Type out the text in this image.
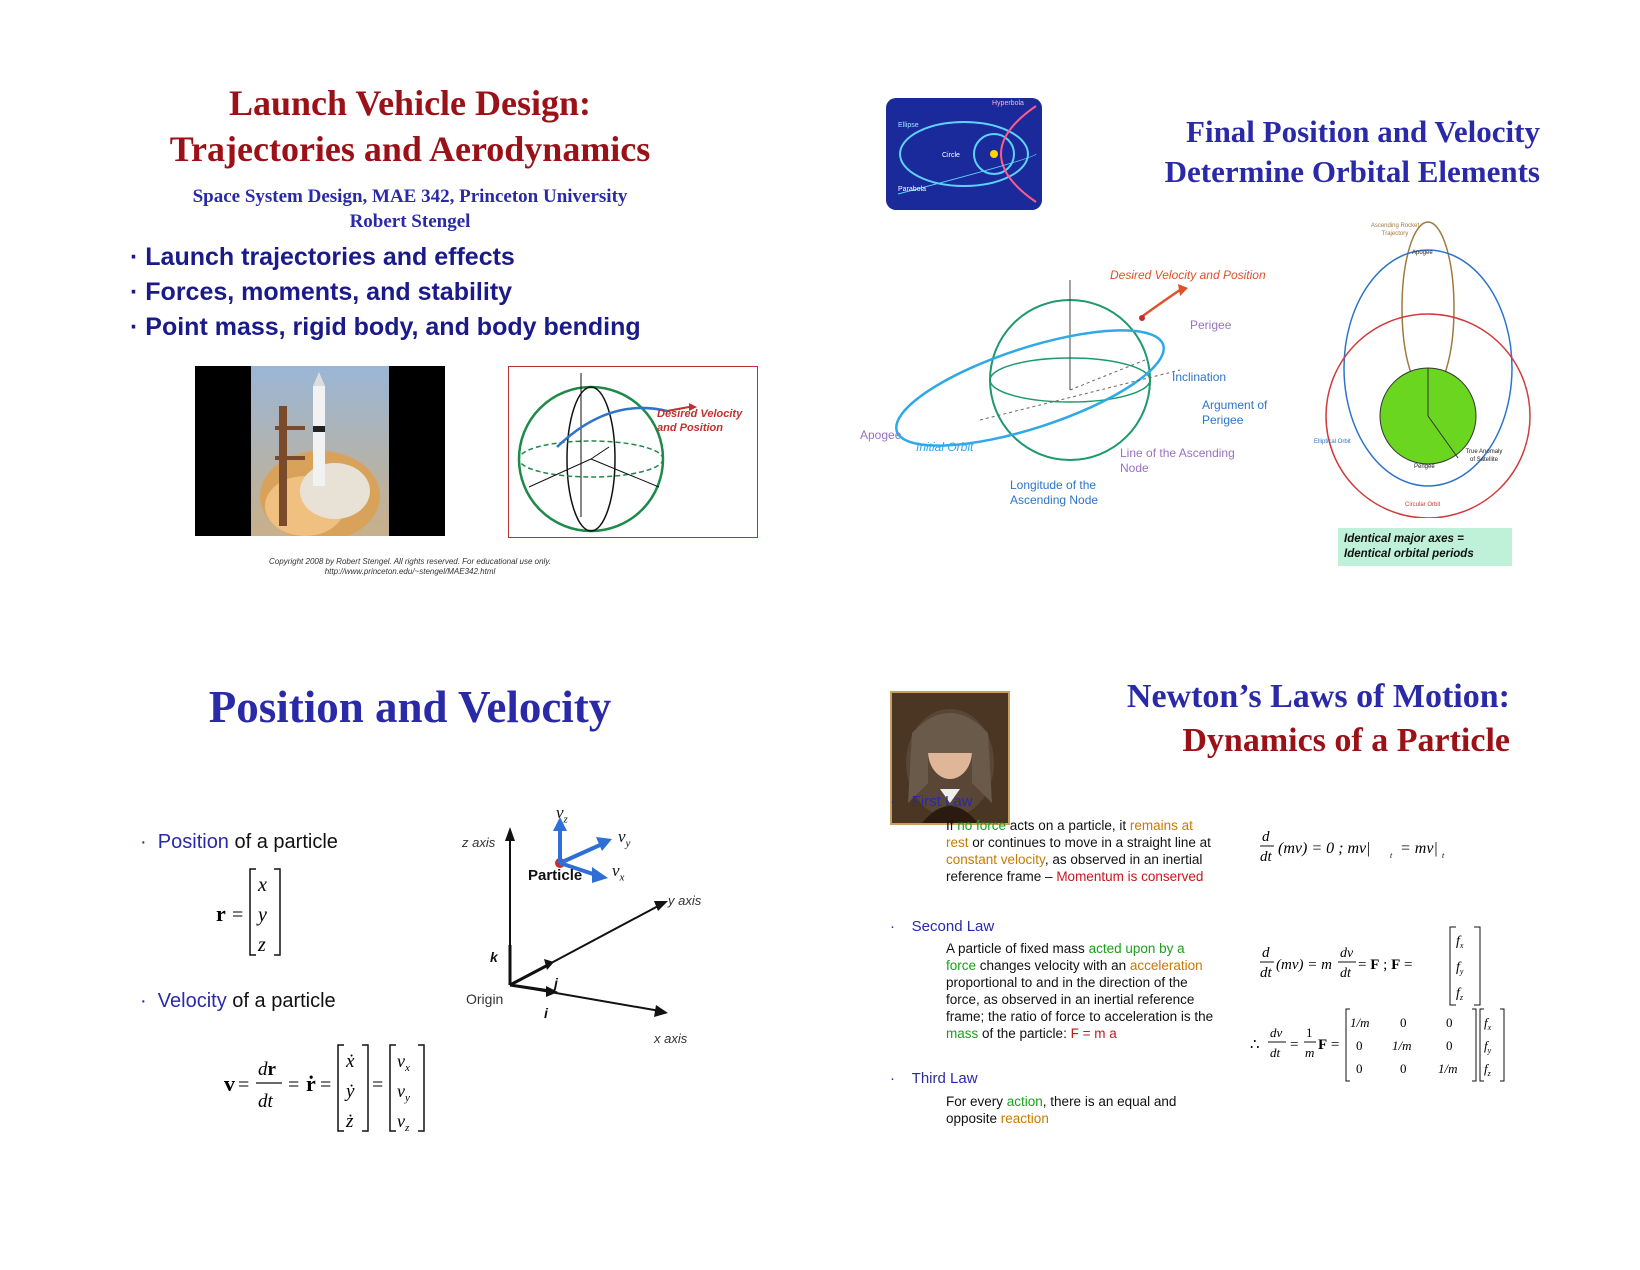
Launch Vehicle Design:
Trajectories and Aerodynamics
Space System Design, MAE 342, Princeton University
Robert Stengel
· Launch trajectories and effects
· Forces, moments, and stability
· Point mass, rigid body, and body bending
Desired Velocity and Position
Copyright 2008 by Robert Stengel. All rights reserved. For educational use only.
http://www.princeton.edu/~stengel/MAE342.html
Hyperbola
Ellipse
Circle
Parabola
Final Position and Velocity
Determine Orbital Elements
Desired Velocity and Position
Perigee
Inclination
Argument of Perigee
Apogee
Initial Orbit	Line of the Ascending Node
Longitude of the Ascending Node
Ascending Rocket Trajectory
Apogee
Elliptical Orbit
Perigee
True Anomaly of Satellite
Circular Orbit
Identical major axes = Identical orbital periods
Position and Velocity
·  Position of a particle
r =
x
y
z
·  Velocity of a particle
v =
dr
dt
= ṙ =
ẋ
ẏ
ż
=
$v_x$
$v_y$
$v_z$
z axis
y axis
x axis
Origin
k
j
i
$v_z$
$v_y$
$v_x$
Particle
Newton’s Laws of Motion:
Dynamics of a Particle
·    First Law
If no force acts on a particle, it remains at rest or continues to move in a straight line at constant velocity, as observed in an inertial reference frame – Momentum is conserved
·    Second Law
A particle of fixed mass acted upon by a force changes velocity with an acceleration proportional to and in the direction of the force, as observed in an inertial reference frame; the ratio of force to acceleration is the mass of the particle: F = m a
·    Third Law
For every action, there is an equal and opposite reaction
d
dt (mv) = 0 ; mv| t = mv| t
d
dt (mv) = m
dv
dt
= F ; F =
$f_x$
$f_y$
$f_z$
∴
dv
dt =
1
m F =
1/m 0	0
0 1/m	0
0	0 1/m
$f_x$
$f_y$
$f_z$
